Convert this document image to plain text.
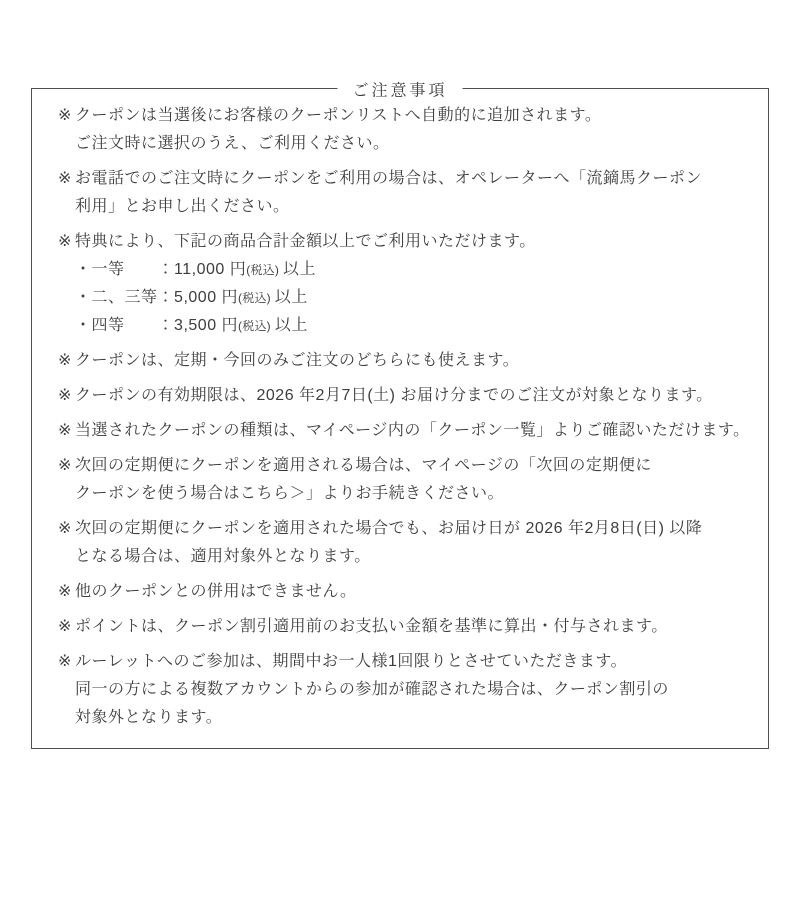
ご注意事項
※ クーポンは当選後にお客様のクーポンリストへ自動的に追加されます。
ご注文時に選択のうえ、ご利用ください。
※ お電話でのご注文時にクーポンをご利用の場合は、オペレーターへ「流鏑馬クーポン
利用」とお申し出ください。
※ 特典により、下記の商品合計金額以上でご利用いただけます。
・一等　　：11,000 円(税込) 以上
・二、三等：5,000 円(税込) 以上
・四等　　：3,500 円(税込) 以上
※ クーポンは、定期・今回のみご注文のどちらにも使えます。
※ クーポンの有効期限は、2026 年2月7日(土) お届け分までのご注文が対象となります。
※ 当選されたクーポンの種類は、マイページ内の「クーポン一覧」よりご確認いただけます。
※ 次回の定期便にクーポンを適用される場合は、マイページの「次回の定期便に
クーポンを使う場合はこちら＞」よりお手続きください。
※ 次回の定期便にクーポンを適用された場合でも、お届け日が 2026 年2月8日(日) 以降
となる場合は、適用対象外となります。
※ 他のクーポンとの併用はできません。
※ ポイントは、クーポン割引適用前のお支払い金額を基準に算出・付与されます。
※ ルーレットへのご参加は、期間中お一人様1回限りとさせていただきます。
同一の方による複数アカウントからの参加が確認された場合は、クーポン割引の
対象外となります。
